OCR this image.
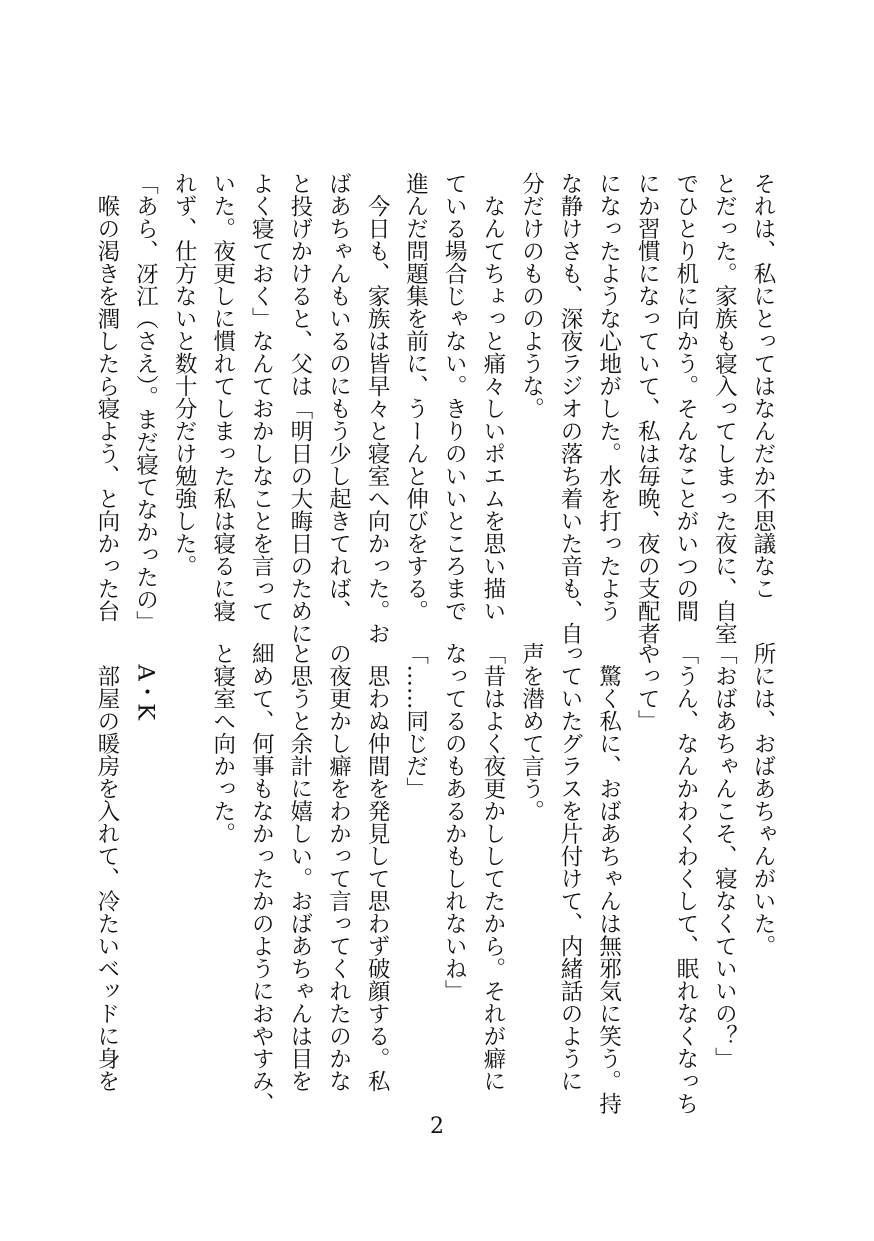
それは、私にとってはなんだか不思議なこ
とだった。家族も寝入ってしまった夜に、自室
でひとり机に向かう。そんなことがいつの間
にか習慣になっていて、私は毎晩、夜の支配者
になったような心地がした。水を打ったよう
な静けさも、深夜ラジオの落ち着いた音も、自
分だけのもののような。
　なんてちょっと痛々しいポエムを思い描い
ている場合じゃない。きりのいいところまで
進んだ問題集を前に、うーんと伸びをする。
　今日も、家族は皆早々と寝室へ向かった。お
ばあちゃんもいるのにもう少し起きてれば、
と投げかけると、父は「明日の大晦日のために
よく寝ておく」なんておかしなことを言って
いた。夜更しに慣れてしまった私は寝るに寝
れず、仕方ないと数十分だけ勉強した。
「あら、冴江（さえ）。まだ寝てなかったの」
　喉の渇きを潤したら寝よう、と向かった台
所には、おばあちゃんがいた。
「おばあちゃんこそ、寝なくていいの？」
「うん、なんかわくわくして、眠れなくなっち
やって」
　驚く私に、おばあちゃんは無邪気に笑う。持
っていたグラスを片付けて、内緒話のように
声を潜めて言う。
「昔はよく夜更かししてたから。それが癖に
なってるのもあるかもしれないね」
「……同じだ」
　思わぬ仲間を発見して思わず破顔する。私
の夜更かし癖をわかって言ってくれたのかな
と思うと余計に嬉しい。おばあちゃんは目を
細めて、何事もなかったかのようにおやすみ、
と寝室へ向かった。

　A・K
　部屋の暖房を入れて、冷たいベッドに身を
2
